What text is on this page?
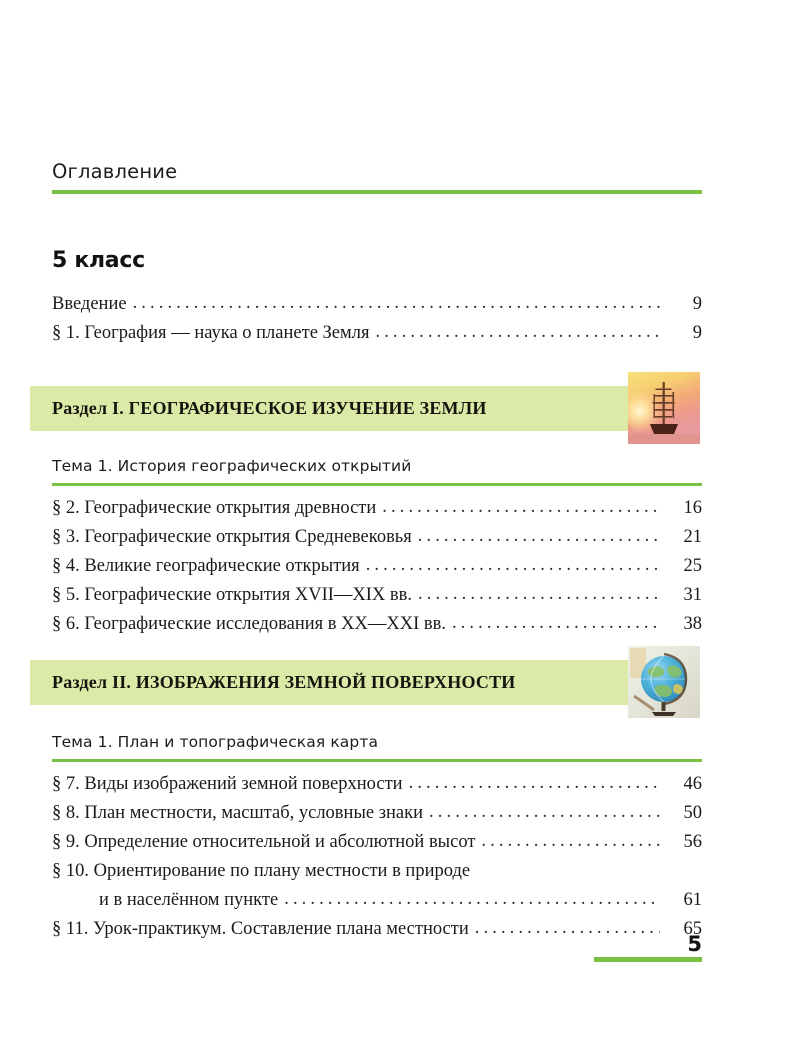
Оглавление
5 класс
Введение .....	9
§ 1. География — наука о планете Земля .....	9
Раздел I. ГЕОГРАФИЧЕСКОЕ ИЗУЧЕНИЕ ЗЕМЛИ
Тема 1. История географических открытий
§ 2. Географические открытия древности .....	16
§ 3. Географические открытия Средневековья .....	21
§ 4. Великие географические открытия .....	25
§ 5. Географические открытия XVII—XIX вв. .....	31
§ 6. Географические исследования в XX—XXI вв. .....	38
Раздел II. ИЗОБРАЖЕНИЯ ЗЕМНОЙ ПОВЕРХНОСТИ
Тема 1. План и топографическая карта
§ 7. Виды изображений земной поверхности .....	46
§ 8. План местности, масштаб, условные знаки .....	50
§ 9. Определение относительной и абсолютной высот .....	56
§ 10. Ориентирование по плану местности в природе
и в населённом пункте .....	61
§ 11. Урок-практикум. Составление плана местности .....	65
5
